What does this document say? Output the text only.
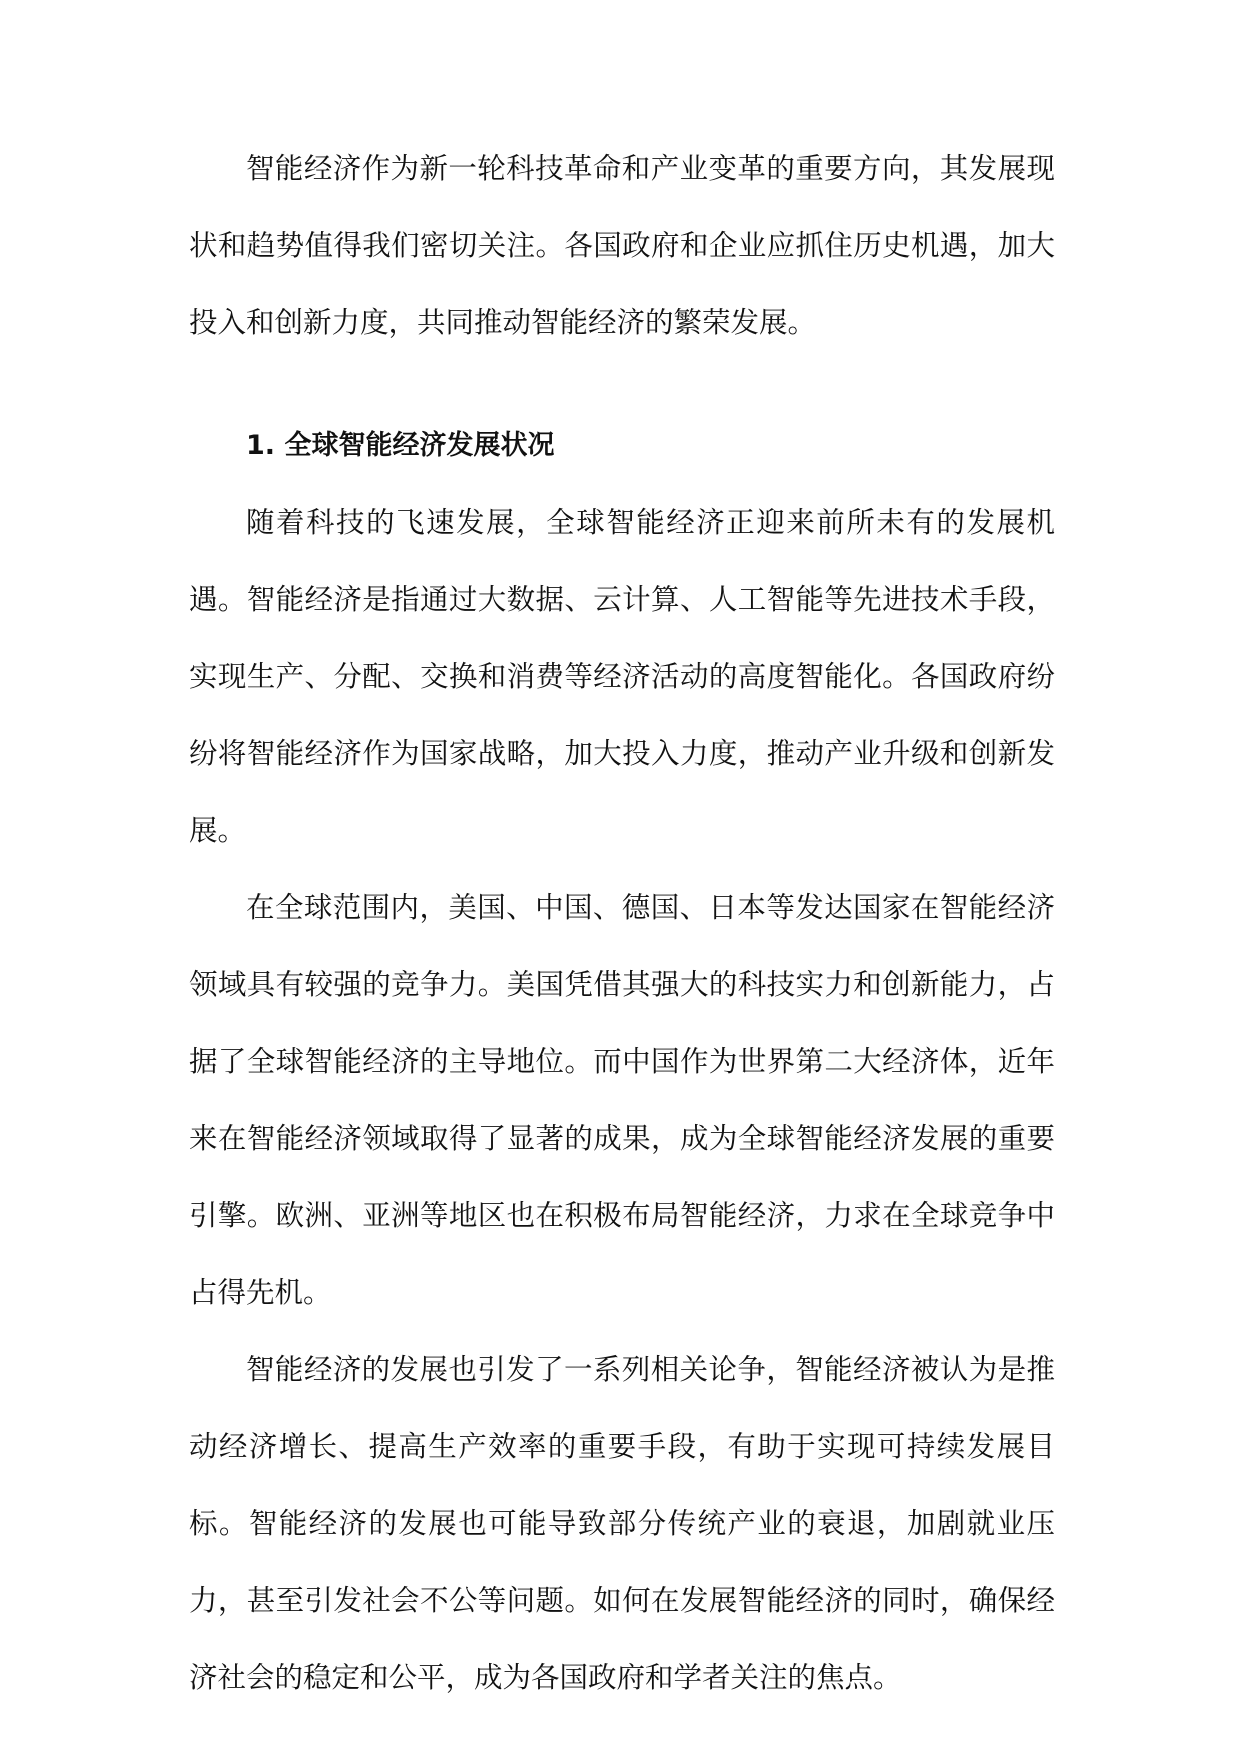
智能经济作为新一轮科技革命和产业变革的重要方向，其发展现状和趋势值得我们密切关注。各国政府和企业应抓住历史机遇，加大投入和创新力度，共同推动智能经济的繁荣发展。

1. 全球智能经济发展状况

随着科技的飞速发展，全球智能经济正迎来前所未有的发展机遇。智能经济是指通过大数据、云计算、人工智能等先进技术手段，实现生产、分配、交换和消费等经济活动的高度智能化。各国政府纷纷将智能经济作为国家战略，加大投入力度，推动产业升级和创新发展。

在全球范围内，美国、中国、德国、日本等发达国家在智能经济领域具有较强的竞争力。美国凭借其强大的科技实力和创新能力，占据了全球智能经济的主导地位。而中国作为世界第二大经济体，近年来在智能经济领域取得了显著的成果，成为全球智能经济发展的重要引擎。欧洲、亚洲等地区也在积极布局智能经济，力求在全球竞争中占得先机。

智能经济的发展也引发了一系列相关论争，智能经济被认为是推动经济增长、提高生产效率的重要手段，有助于实现可持续发展目标。智能经济的发展也可能导致部分传统产业的衰退，加剧就业压力，甚至引发社会不公等问题。如何在发展智能经济的同时，确保经济社会的稳定和公平，成为各国政府和学者关注的焦点。
